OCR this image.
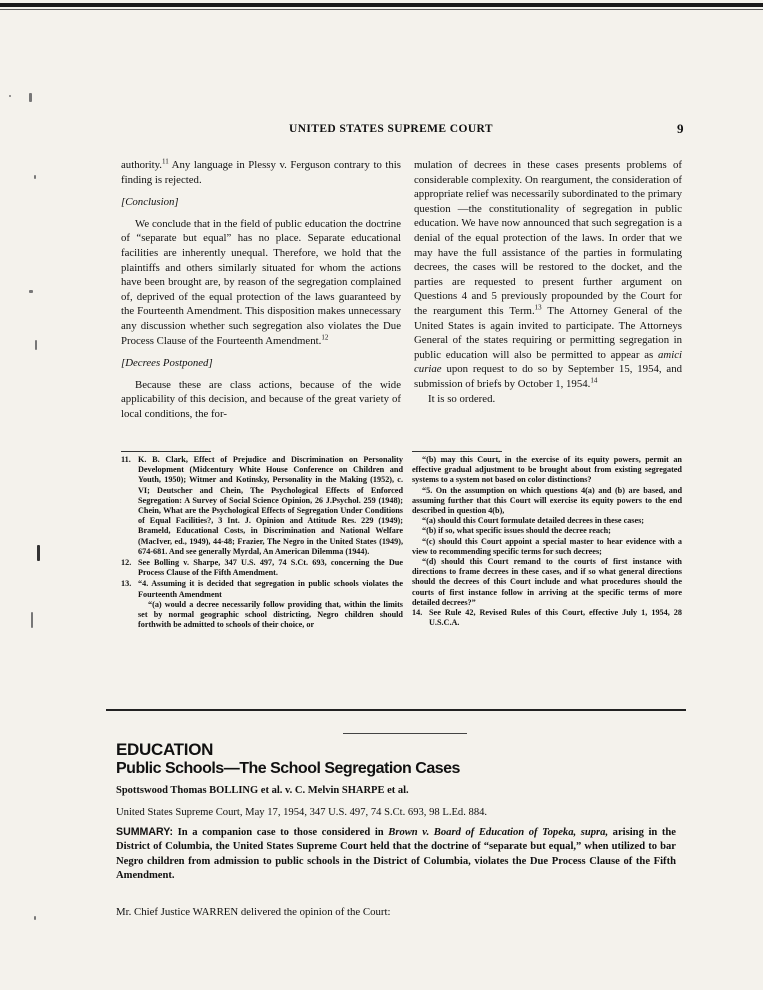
UNITED STATES SUPREME COURT	9

authority.$^{11}$ Any language in Plessy v. Ferguson contrary to this finding is rejected.

[Conclusion]

We conclude that in the field of public education the doctrine of “separate but equal” has no place. Separate educational facilities are inherently unequal. Therefore, we hold that the plaintiffs and others similarly situated for whom the actions have been brought are, by reason of the segregation complained of, deprived of the equal protection of the laws guaranteed by the Fourteenth Amendment. This disposition makes unnecessary any discussion whether such segregation also violates the Due Process Clause of the Fourteenth Amendment.$^{12}$

[Decrees Postponed]

Because these are class actions, because of the wide applicability of this decision, and because of the great variety of local conditions, the for-

mulation of decrees in these cases presents problems of considerable complexity. On reargument, the consideration of appropriate relief was necessarily subordinated to the primary question —the constitutionality of segregation in public education. We have now announced that such segregation is a denial of the equal protection of the laws. In order that we may have the full assistance of the parties in formulating decrees, the cases will be restored to the docket, and the parties are requested to present further argument on Questions 4 and 5 previously propounded by the Court for the reargument this Term.$^{13}$ The Attorney General of the United States is again invited to participate. The Attorneys General of the states requiring or permitting segregation in public education will also be permitted to appear as amici curiae upon request to do so by September 15, 1954, and submission of briefs by October 1, 1954.14

It is so ordered.

11. K. B. Clark, Effect of Prejudice and Discrimination on Personality Development (Midcentury White House Conference on Children and Youth, 1950); Witmer and Kotinsky, Personality in the Making (1952), c. VI; Deutscher and Chein, The Psychological Effects of Enforced Segregation: A Survey of Social Science Opinion, 26 J.Psychol. 259 (1948); Chein, What are the Psychological Effects of Segregation Under Conditions of Equal Facilities?, 3 Int. J. Opinion and Attitude Res. 229 (1949); Brameld, Educational Costs, in Discrimination and National Welfare (MacIver, ed., 1949), 44-48; Frazier, The Negro in the United States (1949), 674-681. And see generally Myrdal, An American Dilemma (1944).
12. See Bolling v. Sharpe, 347 U.S. 497, 74 S.Ct. 693, concerning the Due Process Clause of the Fifth Amendment.
13. “4. Assuming it is decided that segregation in public schools violates the Fourteenth Amendment

“(a) would a decree necessarily follow providing that, within the limits set by normal geographic school districting, Negro children should forthwith be admitted to schools of their choice, or

“(b) may this Court, in the exercise of its equity powers, permit an effective gradual adjustment to be brought about from existing segregated systems to a system not based on color distinctions?

“5. On the assumption on which questions 4(a) and (b) are based, and assuming further that this Court will exercise its equity powers to the end described in question 4(b),

“(a) should this Court formulate detailed decrees in these cases;

“(b) if so, what specific issues should the decree reach;

“(c) should this Court appoint a special master to hear evidence with a view to recommending specific terms for such decrees;

“(d) should this Court remand to the courts of first instance with directions to frame decrees in these cases, and if so what general directions should the decrees of this Court include and what procedures should the courts of first instance follow in arriving at the specific terms of more detailed decrees?”

14. See Rule 42, Revised Rules of this Court, effective July 1, 1954, 28 U.S.C.A.
EDUCATION
Public Schools—The School Segregation Cases
Spottswood Thomas BOLLING et al. v. C. Melvin SHARPE et al.
United States Supreme Court, May 17, 1954, 347 U.S. 497, 74 S.Ct. 693, 98 L.Ed. 884.
SUMMARY: In a companion case to those considered in Brown v. Board of Education of Topeka, supra, arising in the District of Columbia, the United States Supreme Court held that the doctrine of “separate but equal,” when utilized to bar Negro children from admission to public schools in the District of Columbia, violates the Due Process Clause of the Fifth Amendment.
Mr. Chief Justice WARREN delivered the opinion of the Court:
